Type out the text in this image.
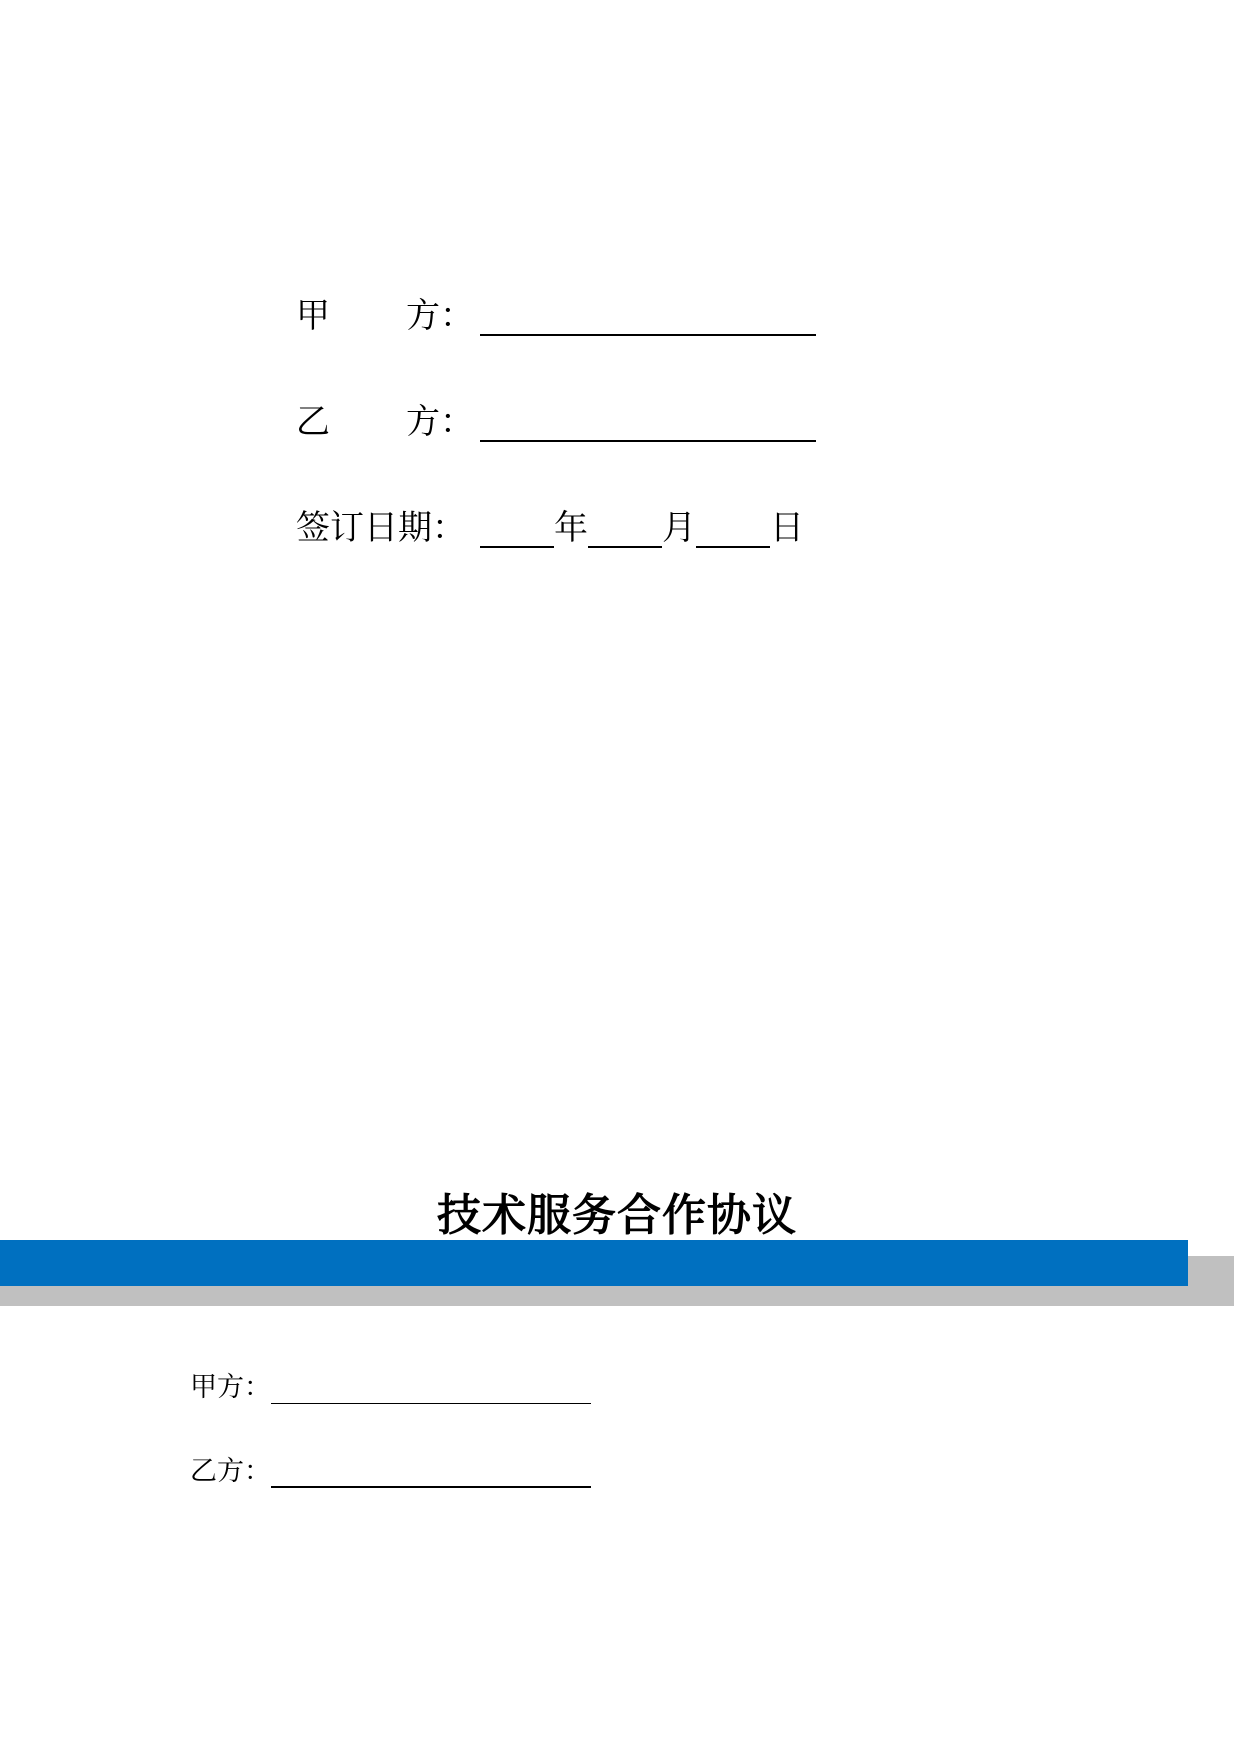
甲	方：
乙	方：
签订日期：	年 月 日
技术服务合作协议
甲方：
乙方：
